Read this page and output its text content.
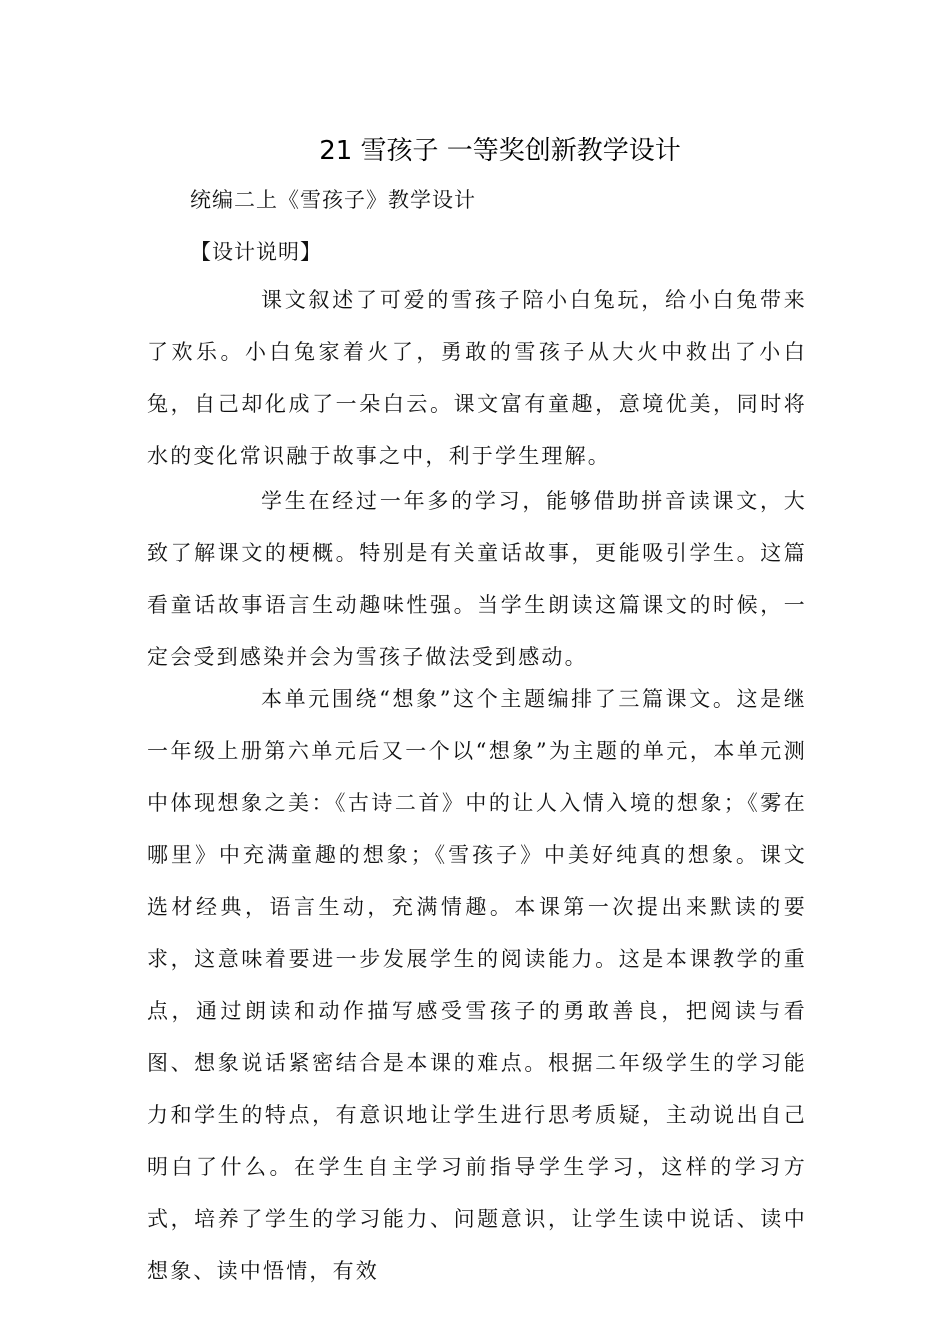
21 雪孩子 一等奖创新教学设计
统编二上《雪孩子》教学设计
【设计说明】

课文叙述了可爱的雪孩子陪小白兔玩，给小白兔带来了欢乐。小白兔家着火了，勇敢的雪孩子从大火中救出了小白兔，自己却化成了一朵白云。课文富有童趣，意境优美，同时将水的变化常识融于故事之中，利于学生理解。

学生在经过一年多的学习，能够借助拼音读课文，大致了解课文的梗概。特别是有关童话故事，更能吸引学生。这篇看童话故事语言生动趣味性强。当学生朗读这篇课文的时候，一定会受到感染并会为雪孩子做法受到感动。

本单元围绕“想象”这个主题编排了三篇课文。这是继一年级上册第六单元后又一个以“想象”为主题的单元，本单元测中体现想象之美：《古诗二首》中的让人入情入境的想象；《雾在哪里》中充满童趣的想象；《雪孩子》中美好纯真的想象。课文选材经典，语言生动，充满情趣。本课第一次提出来默读的要求，这意味着要进一步发展学生的阅读能力。这是本课教学的重点，通过朗读和动作描写感受雪孩子的勇敢善良，把阅读与看图、想象说话紧密结合是本课的难点。根据二年级学生的学习能力和学生的特点，有意识地让学生进行思考质疑，主动说出自己明白了什么。在学生自主学习前指导学生学习，这样的学习方式，培养了学生的学习能力、问题意识，让学生读中说话、读中想象、读中悟情，有效
